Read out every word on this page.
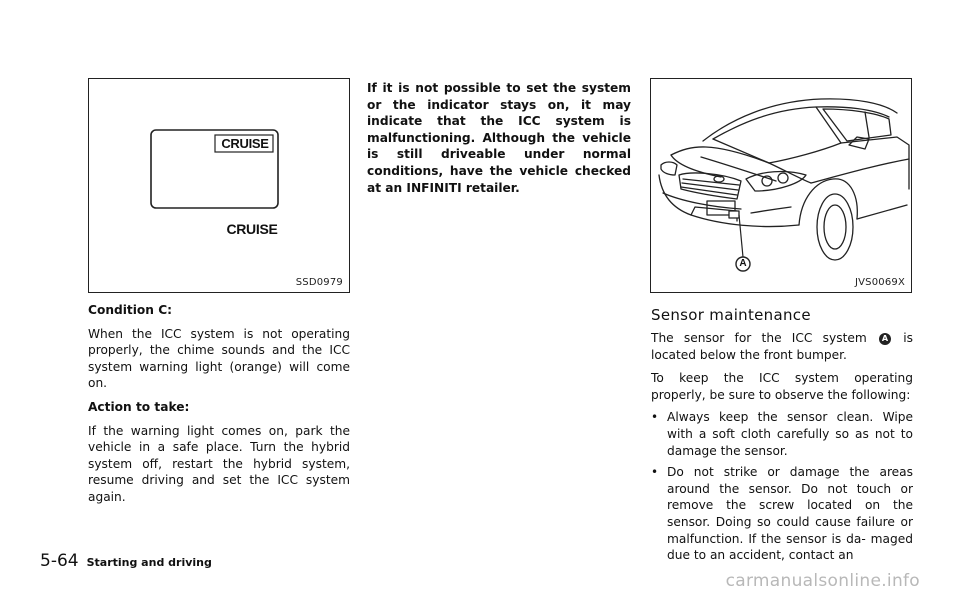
CRUISE
CRUISE
SSD0979

Condition C:

When the ICC system is not operating properly, the chime sounds and the ICC system warning light (orange) will come on.

Action to take:

If the warning light comes on, park the vehicle in a safe place. Turn the hybrid system off, restart the hybrid system, resume driving and set the ICC system again.

If it is not possible to set the system or the indicator stays on, it may indicate that the ICC system is malfunctioning. Although the vehicle is still driveable under normal conditions, have the vehicle checked at an INFINITI retailer.

A
JVS0069X

Sensor maintenance

The sensor for the ICC system A is located below the front bumper.

To keep the ICC system operating properly, be sure to observe the following:

• Always keep the sensor clean. Wipe with a soft cloth carefully so as not to damage the sensor.
• Do not strike or damage the areas around the sensor. Do not touch or remove the screw located on the sensor. Doing so could cause failure or malfunction. If the sensor is da- maged due to an accident, contact an
5-64 Starting and driving
carmanualsonline.info
